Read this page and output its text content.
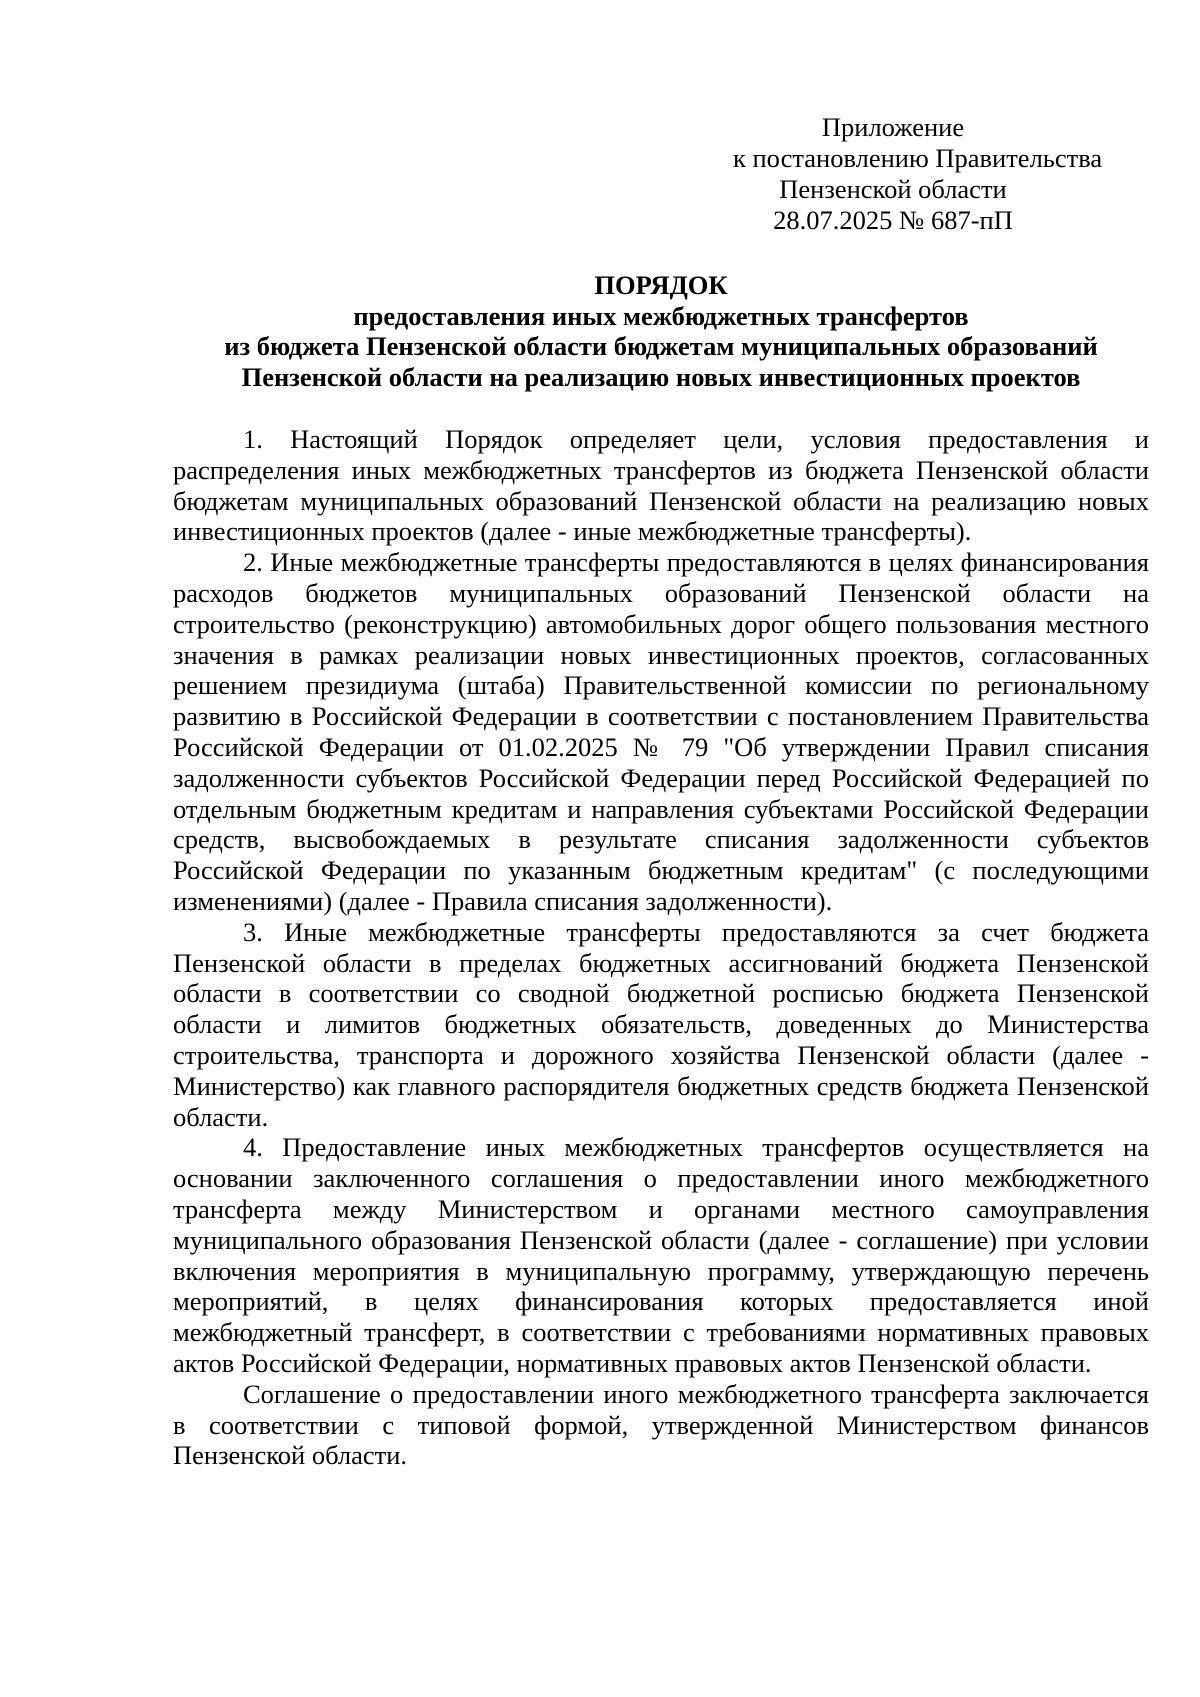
Приложение
к постановлению Правительства
Пензенской области
28.07.2025 № 687-пП
ПОРЯДОК
предоставления иных межбюджетных трансфертов
из бюджета Пензенской области бюджетам муниципальных образований
Пензенской области на реализацию новых инвестиционных проектов

1. Настоящий Порядок определяет цели, условия предоставления и распределения иных межбюджетных трансфертов из бюджета Пензенской области бюджетам муниципальных образований Пензенской области на реализацию новых инвестиционных проектов (далее - иные межбюджетные трансферты).

2. Иные межбюджетные трансферты предоставляются в целях финансирования расходов бюджетов муниципальных образований Пензенской области на строительство (реконструкцию) автомобильных дорог общего пользования местного значения в рамках реализации новых инвестиционных проектов, согласованных решением президиума (штаба) Правительственной комиссии по региональному развитию в Российской Федерации в соответствии с постановлением Правительства Российской Федерации от 01.02.2025 № 79 "Об утверждении Правил списания задолженности субъектов Российской Федерации перед Российской Федерацией по отдельным бюджетным кредитам и направления субъектами Российской Федерации средств, высвобождаемых в результате списания задолженности субъектов Российской Федерации по указанным бюджетным кредитам" (с последующими изменениями) (далее - Правила списания задолженности).

3. Иные межбюджетные трансферты предоставляются за счет бюджета Пензенской области в пределах бюджетных ассигнований бюджета Пензенской области в соответствии со сводной бюджетной росписью бюджета Пензенской области и лимитов бюджетных обязательств, доведенных до Министерства строительства, транспорта и дорожного хозяйства Пензенской области (далее - Министерство) как главного распорядителя бюджетных средств бюджета Пензенской области.

4. Предоставление иных межбюджетных трансфертов осуществляется на основании заключенного соглашения о предоставлении иного межбюджетного трансферта между Министерством и органами местного самоуправления муниципального образования Пензенской области (далее - соглашение) при условии включения мероприятия в муниципальную программу, утверждающую перечень мероприятий, в целях финансирования которых предоставляется иной межбюджетный трансферт, в соответствии с требованиями нормативных правовых актов Российской Федерации, нормативных правовых актов Пензенской области.

Соглашение о предоставлении иного межбюджетного трансферта заключается в соответствии с типовой формой, утвержденной Министерством финансов Пензенской области.
